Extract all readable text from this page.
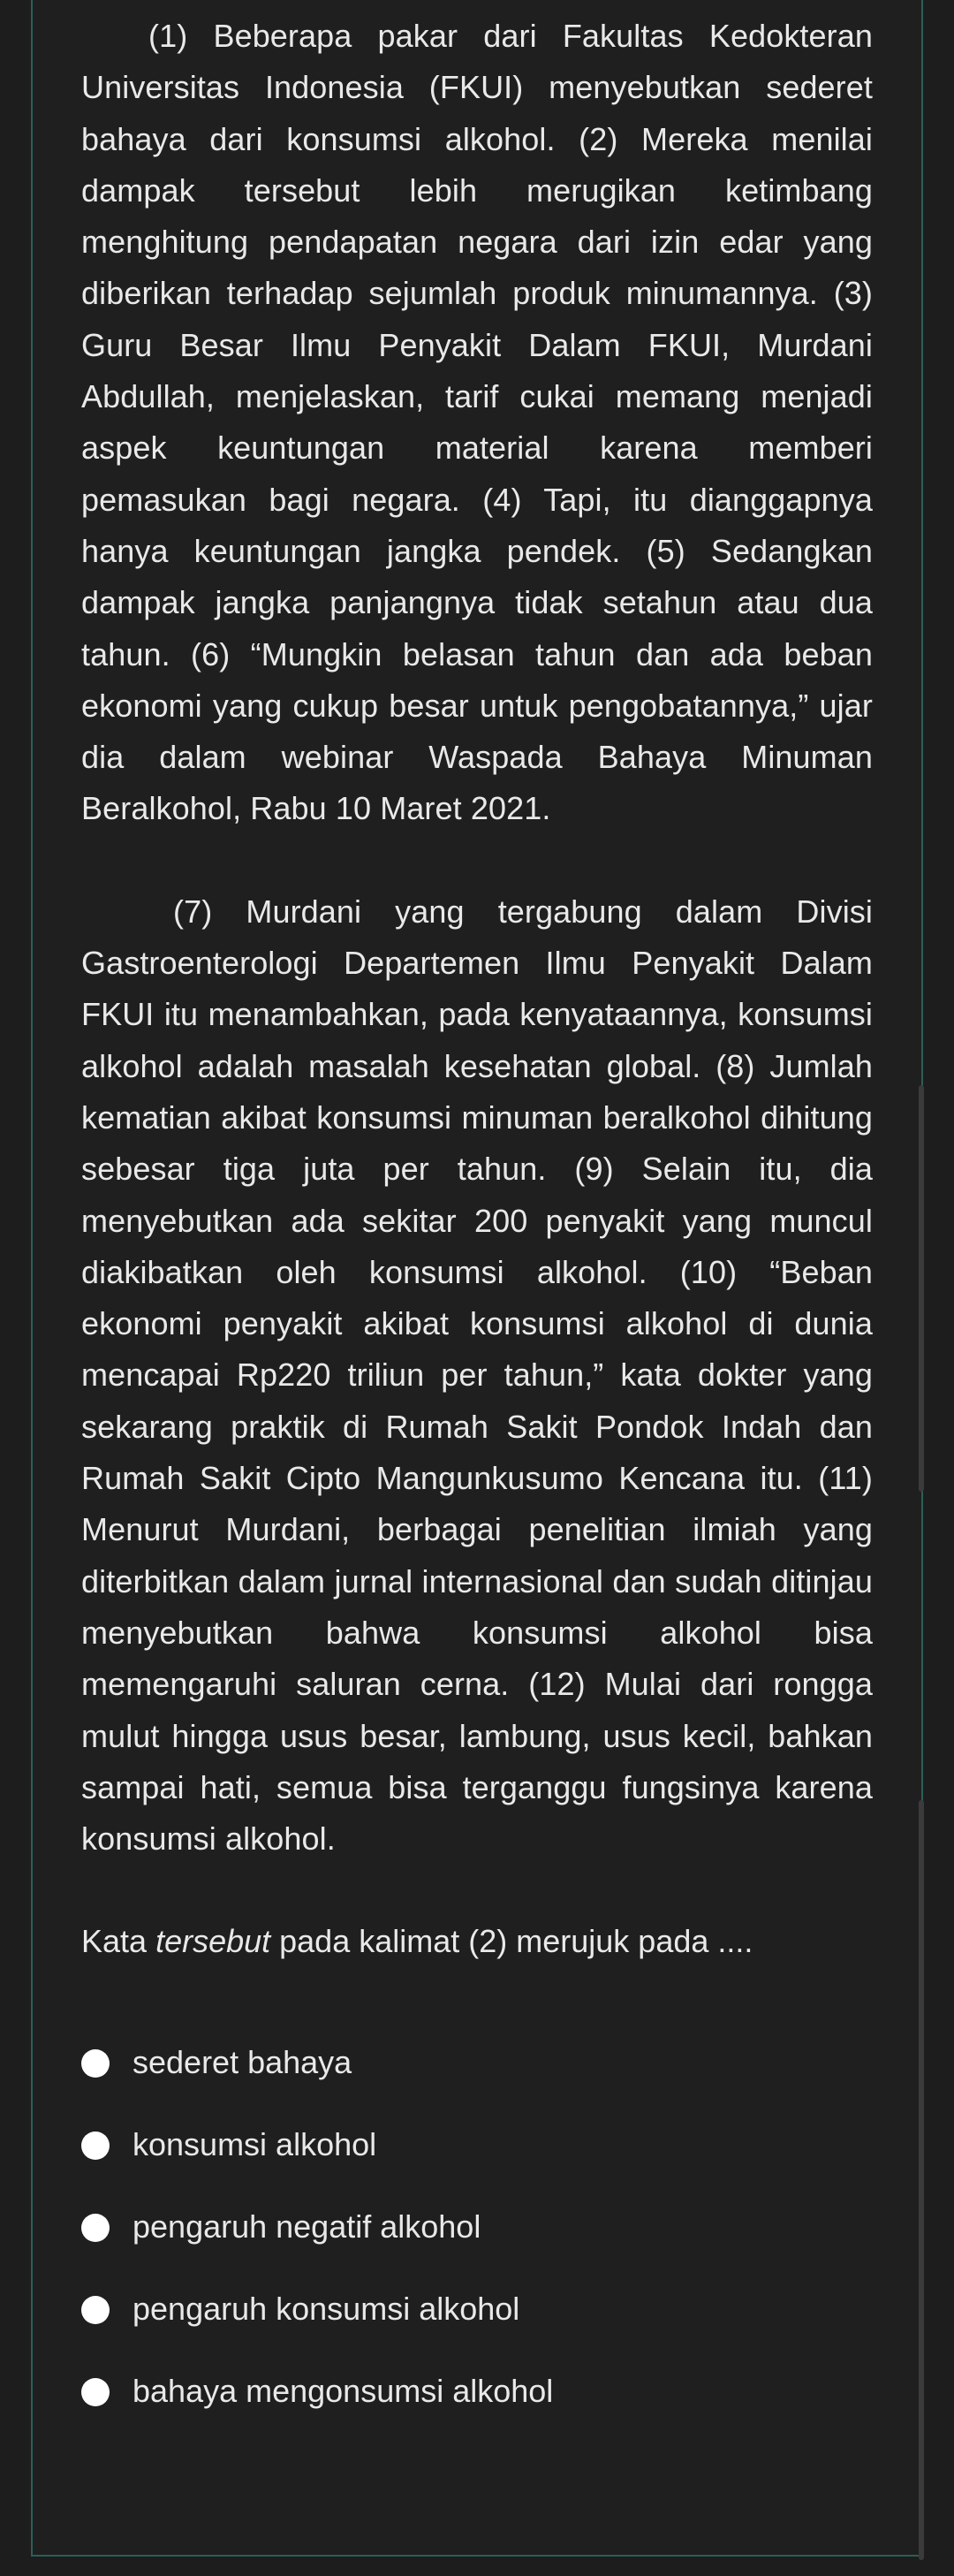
(1) Beberapa pakar dari Fakultas Kedokteran Universitas Indonesia (FKUI) menyebutkan sederet bahaya dari konsumsi alkohol. (2) Mereka menilai dampak tersebut lebih merugikan ketimbang menghitung pendapatan negara dari izin edar yang diberikan terhadap sejumlah produk minumannya. (3) Guru Besar Ilmu Penyakit Dalam FKUI, Murdani Abdullah, menjelaskan, tarif cukai memang menjadi aspek keuntungan material karena memberi pemasukan bagi negara. (4) Tapi, itu dianggapnya hanya keuntungan jangka pendek. (5) Sedangkan dampak jangka panjangnya tidak setahun atau dua tahun. (6) “Mungkin belasan tahun dan ada beban ekonomi yang cukup besar untuk pengobatannya,” ujar dia dalam webinar Waspada Bahaya Minuman Beralkohol, Rabu 10 Maret 2021.

(7) Murdani yang tergabung dalam Divisi Gastroenterologi Departemen Ilmu Penyakit Dalam FKUI itu menambahkan, pada kenyataannya, konsumsi alkohol adalah masalah kesehatan global. (8) Jumlah kematian akibat konsumsi minuman beralkohol dihitung sebesar tiga juta per tahun. (9) Selain itu, dia menyebutkan ada sekitar 200 penyakit yang muncul diakibatkan oleh konsumsi alkohol. (10) “Beban ekonomi penyakit akibat konsumsi alkohol di dunia mencapai Rp220 triliun per tahun,” kata dokter yang sekarang praktik di Rumah Sakit Pondok Indah dan Rumah Sakit Cipto Mangunkusumo Kencana itu. (11) Menurut Murdani, berbagai penelitian ilmiah yang diterbitkan dalam jurnal internasional dan sudah ditinjau menyebutkan bahwa konsumsi alkohol bisa memengaruhi saluran cerna. (12) Mulai dari rongga mulut hingga usus besar, lambung, usus kecil, bahkan sampai hati, semua bisa terganggu fungsinya karena konsumsi alkohol.

Kata tersebut pada kalimat (2) merujuk pada ....

sederet bahaya
konsumsi alkohol
pengaruh negatif alkohol
pengaruh konsumsi alkohol
bahaya mengonsumsi alkohol
